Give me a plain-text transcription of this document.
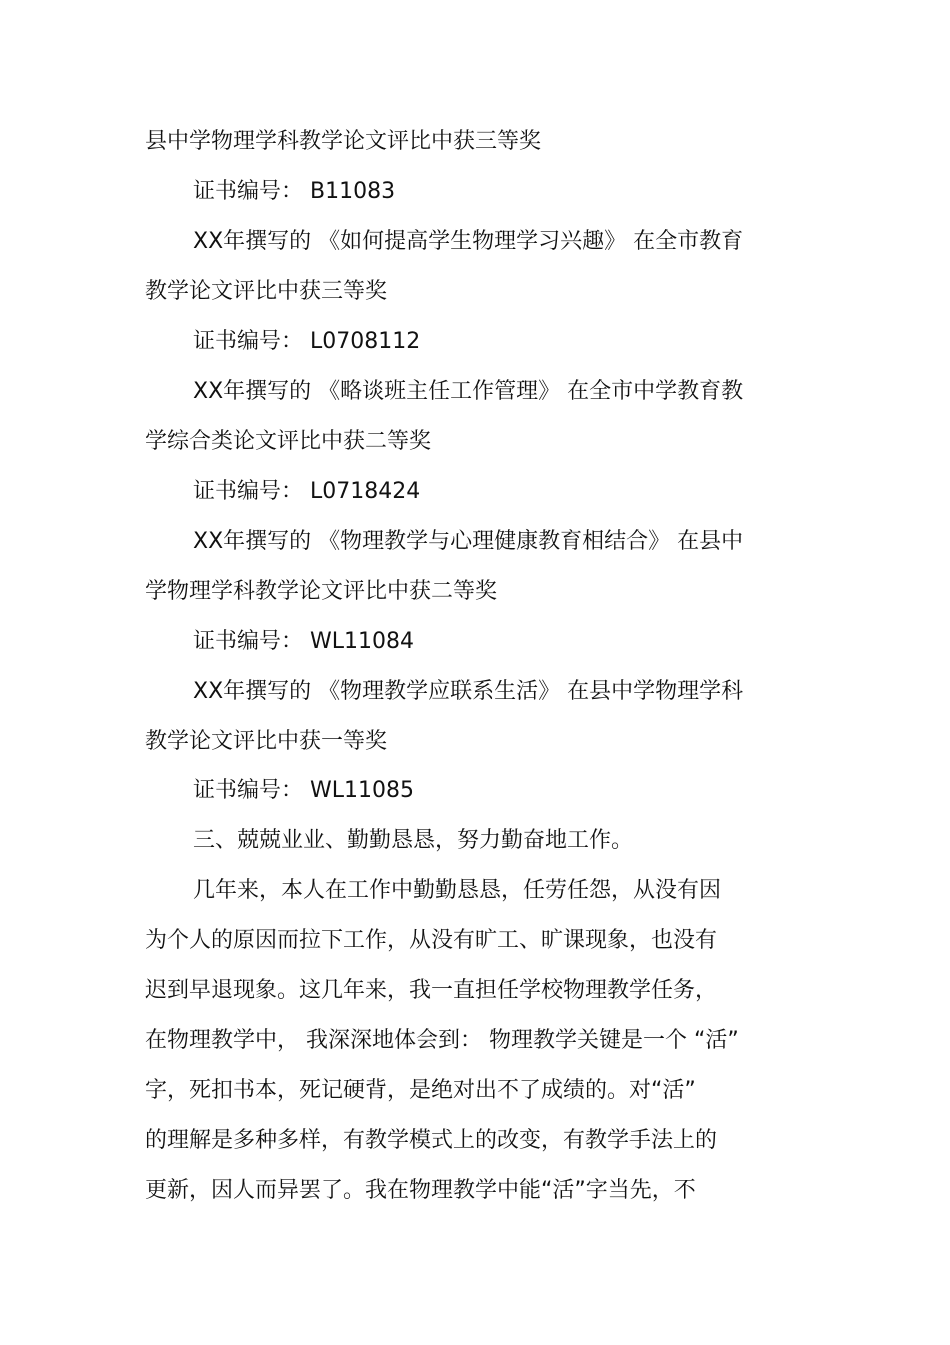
县中学物理学科教学论文评比中获三等奖
证书编号： B11083
XX年撰写的 《如何提高学生物理学习兴趣》 在全市教育
教学论文评比中获三等奖
证书编号： L0708112
XX年撰写的 《略谈班主任工作管理》 在全市中学教育教
学综合类论文评比中获二等奖
证书编号： L0718424
XX年撰写的 《物理教学与心理健康教育相结合》 在县中
学物理学科教学论文评比中获二等奖
证书编号： WL11084
XX年撰写的 《物理教学应联系生活》 在县中学物理学科
教学论文评比中获一等奖
证书编号： WL11085
三、兢兢业业、勤勤恳恳，努力勤奋地工作。
几年来，本人在工作中勤勤恳恳，任劳任怨，从没有因
为个人的原因而拉下工作，从没有旷工、旷课现象，也没有
迟到早退现象。这几年来，我一直担任学校物理教学任务，
在物理教学中， 我深深地体会到： 物理教学关键是一个 “活”
字，死扣书本，死记硬背，是绝对出不了成绩的。对“活”
的理解是多种多样，有教学模式上的改变，有教学手法上的
更新，因人而异罢了。我在物理教学中能“活”字当先，不
